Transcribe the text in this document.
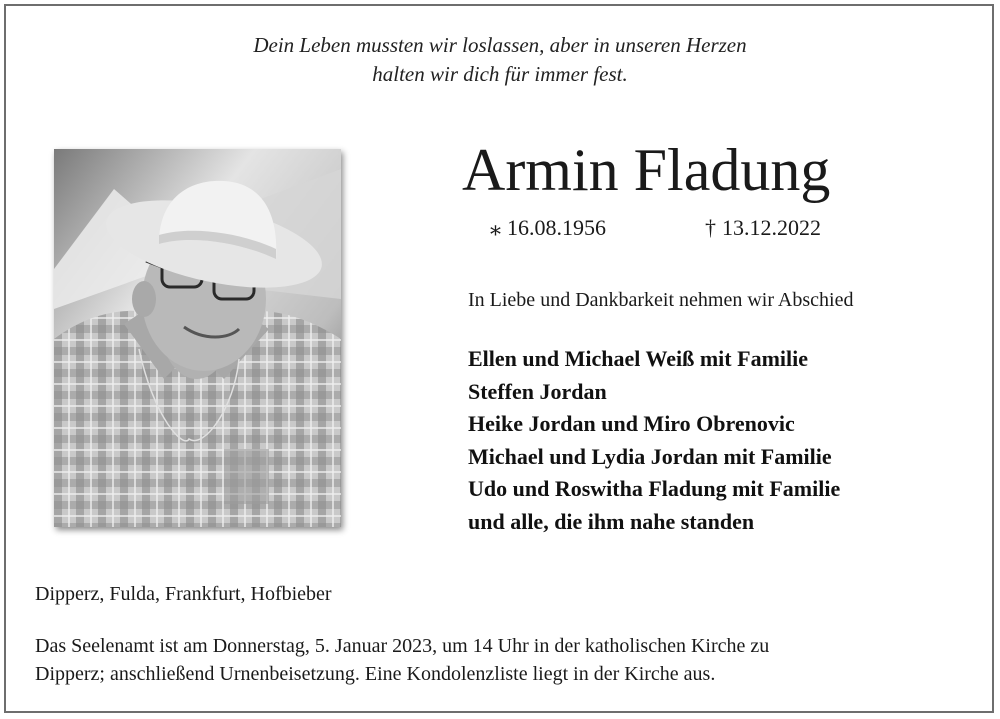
Dein Leben mussten wir loslassen, aber in unseren Herzen
halten wir dich für immer fest.
Armin Fladung
⁎ 16.08.1956	† 13.12.2022
In Liebe und Dankbarkeit nehmen wir Abschied
Ellen und Michael Weiß mit Familie
Steffen Jordan
Heike Jordan und Miro Obrenovic
Michael und Lydia Jordan mit Familie
Udo und Roswitha Fladung mit Familie
und alle, die ihm nahe standen
Dipperz, Fulda, Frankfurt, Hofbieber
Das Seelenamt ist am Donnerstag, 5. Januar 2023, um 14 Uhr in der katholischen Kirche zu
Dipperz; anschließend Urnenbeisetzung. Eine Kondolenzliste liegt in der Kirche aus.
